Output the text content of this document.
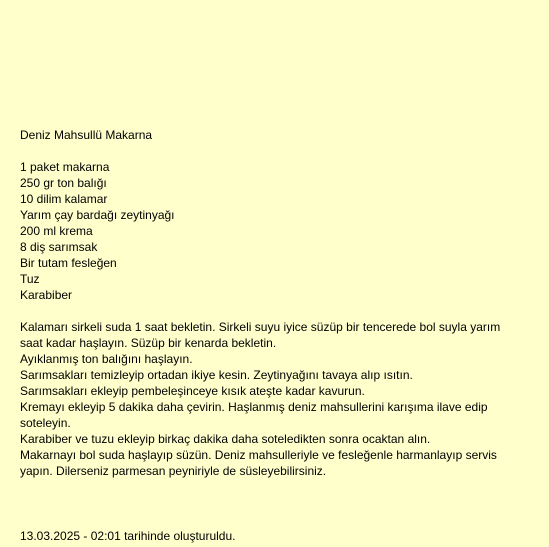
Deniz Mahsullü Makarna
1 paket makarna
250 gr ton balığı
10 dilim kalamar
Yarım çay bardağı zeytinyağı
200 ml krema
8 diş sarımsak
Bir tutam fesleğen
Tuz
Karabiber
Kalamarı sirkeli suda 1 saat bekletin. Sirkeli suyu iyice süzüp bir tencerede bol suyla yarım saat kadar haşlayın. Süzüp bir kenarda bekletin.
Ayıklanmış ton balığını haşlayın.
Sarımsakları temizleyip ortadan ikiye kesin. Zeytinyağını tavaya alıp ısıtın.
Sarımsakları ekleyip pembeleşinceye kısık ateşte kadar kavurun.
Kremayı ekleyip 5 dakika daha çevirin. Haşlanmış deniz mahsullerini karışıma ilave edip soteleyin.
Karabiber ve tuzu ekleyip birkaç dakika daha soteledikten sonra ocaktan alın.
Makarnayı bol suda haşlayıp süzün. Deniz mahsulleriyle ve fesleğenle harmanlayıp servis yapın. Dilerseniz parmesan peyniriyle de süsleyebilirsiniz.
13.03.2025 - 02:01 tarihinde oluşturuldu.
